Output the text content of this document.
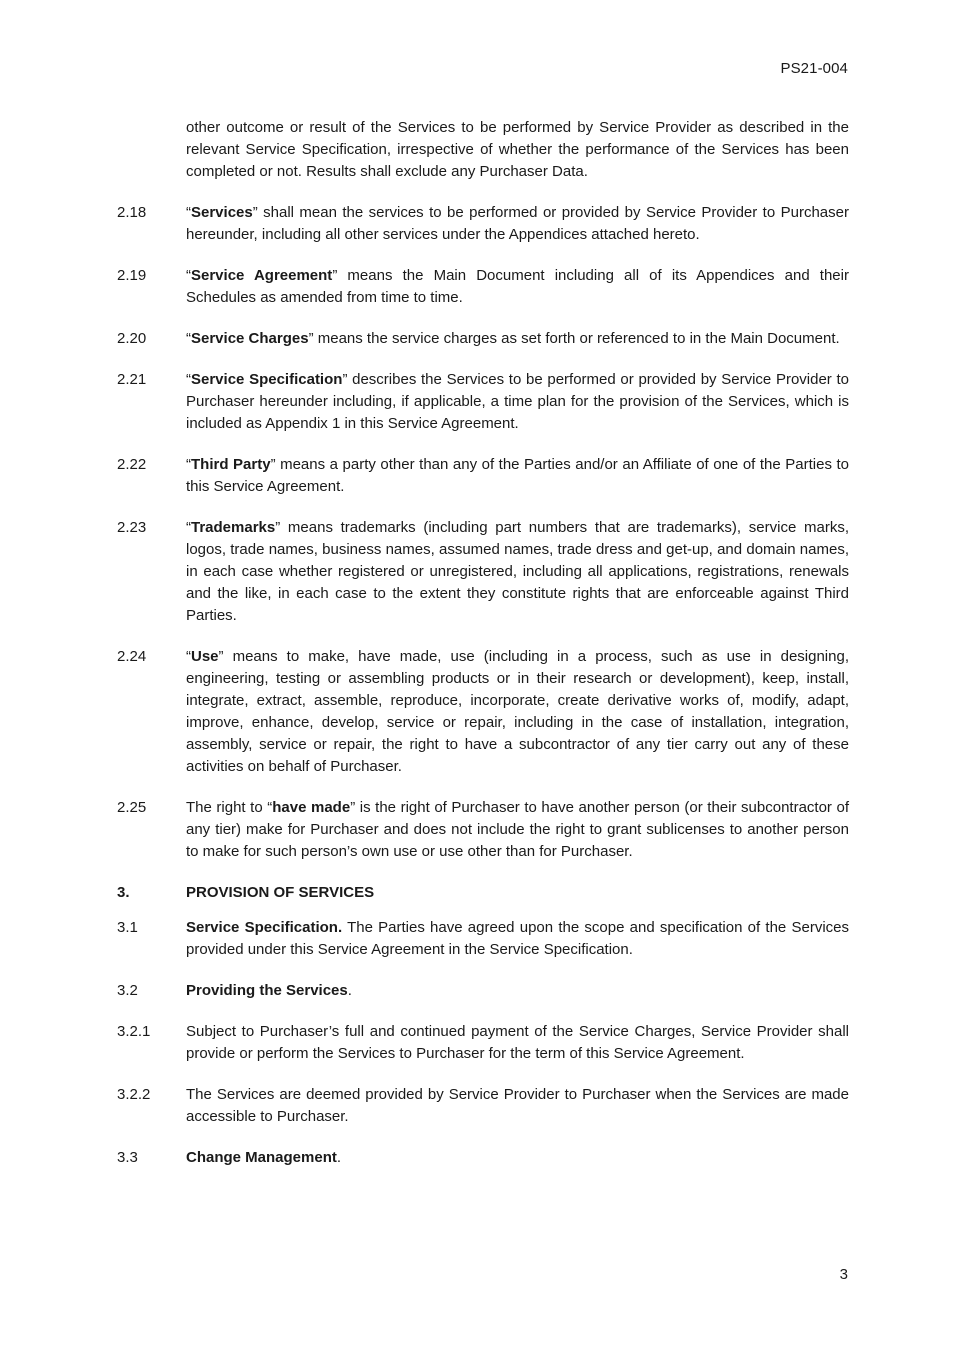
PS21-004
other outcome or result of the Services to be performed by Service Provider as described in the relevant Service Specification, irrespective of whether the performance of the Services has been completed or not. Results shall exclude any Purchaser Data.
2.18	“Services” shall mean the services to be performed or provided by Service Provider to Purchaser hereunder, including all other services under the Appendices attached hereto.
2.19	“Service Agreement” means the Main Document including all of its Appendices and their Schedules as amended from time to time.
2.20	“Service Charges” means the service charges as set forth or referenced to in the Main Document.
2.21	“Service Specification” describes the Services to be performed or provided by Service Provider to Purchaser hereunder including, if applicable, a time plan for the provision of the Services, which is included as Appendix 1 in this Service Agreement.
2.22	“Third Party” means a party other than any of the Parties and/or an Affiliate of one of the Parties to this Service Agreement.
2.23	“Trademarks” means trademarks (including part numbers that are trademarks), service marks, logos, trade names, business names, assumed names, trade dress and get-up, and domain names, in each case whether registered or unregistered, including all applications, registrations, renewals and the like, in each case to the extent they constitute rights that are enforceable against Third Parties.
2.24	“Use” means to make, have made, use (including in a process, such as use in designing, engineering, testing or assembling products or in their research or development), keep, install, integrate, extract, assemble, reproduce, incorporate, create derivative works of, modify, adapt, improve, enhance, develop, service or repair, including in the case of installation, integration, assembly, service or repair, the right to have a subcontractor of any tier carry out any of these activities on behalf of Purchaser.
2.25	The right to “have made” is the right of Purchaser to have another person (or their subcontractor of any tier) make for Purchaser and does not include the right to grant sublicenses to another person to make for such person’s own use or use other than for Purchaser.
3.	PROVISION OF SERVICES
3.1	Service Specification. The Parties have agreed upon the scope and specification of the Services provided under this Service Agreement in the Service Specification.
3.2	Providing the Services.
3.2.1	Subject to Purchaser’s full and continued payment of the Service Charges, Service Provider shall provide or perform the Services to Purchaser for the term of this Service Agreement.
3.2.2	The Services are deemed provided by Service Provider to Purchaser when the Services are made accessible to Purchaser.
3.3	Change Management.
3
